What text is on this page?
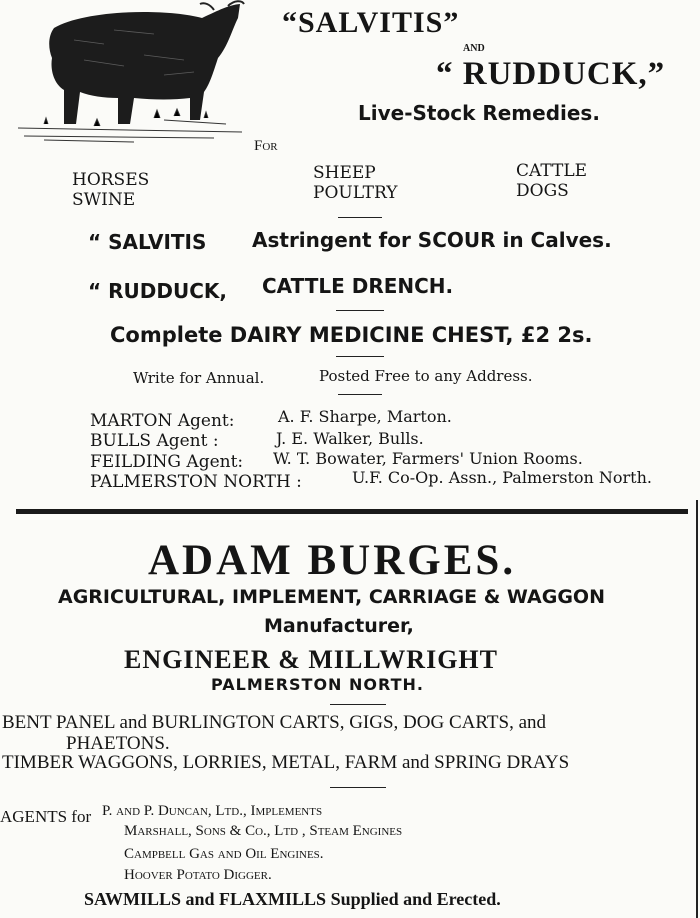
“SALVITIS”
AND
“ RUDDUCK,”
Live-Stock Remedies.
For
HORSES
SWINE
SHEEP
POULTRY
CATTLE
DOGS
“ SALVITIS Astringent for SCOUR in Calves.
“ RUDDUCK, CATTLE DRENCH.
Complete DAIRY MEDICINE CHEST, £2 2s.
Write for Annual.	Posted Free to any Address.
MARTON Agent:	A. F. Sharpe, Marton.
BULLS Agent :	J. E. Walker, Bulls.
FEILDING Agent: W. T. Bowater, Farmers' Union Rooms.
PALMERSTON NORTH :	U.F. Co-Op. Assn., Palmerston North.
ADAM BURGES.
AGRICULTURAL, IMPLEMENT, CARRIAGE & WAGGON
Manufacturer,
ENGINEER & MILLWRIGHT
PALMERSTON NORTH.
BENT PANEL and BURLINGTON CARTS, GIGS, DOG CARTS, and
PHAETONS.
TIMBER WAGGONS, LORRIES, METAL, FARM and SPRING DRAYS
AGENTS for P. and P. Duncan, Ltd., Implements
Marshall, Sons & Co., Ltd , Steam Engines
Campbell Gas and Oil Engines.
Hoover Potato Digger.
SAWMILLS and FLAXMILLS Supplied and Erected.
